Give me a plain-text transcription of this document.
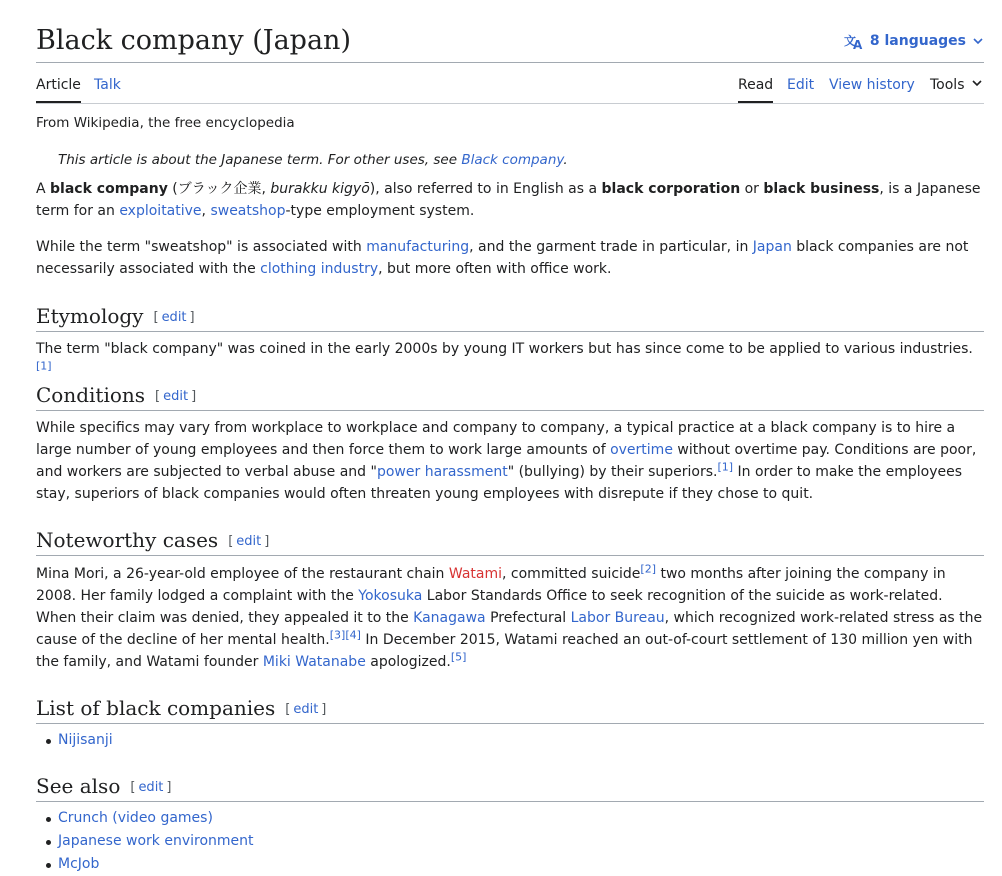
Black company (Japan)	文
A 8 languages
Article Talk	Read Edit View history Tools
From Wikipedia, the free encyclopedia
This article is about the Japanese term. For other uses, see Black company.

A black company (ブラック企業, burakku kigyō), also referred to in English as a black corporation or black business, is a Japanese term for an exploitative, sweatshop-type employment system.

While the term "sweatshop" is associated with manufacturing, and the garment trade in particular, in Japan black companies are not necessarily associated with the clothing industry, but more often with office work.

Etymology [ edit ]

The term "black company" was coined in the early 2000s by young IT workers but has since come to be applied to various industries.[1]

Conditions [ edit ]

While specifics may vary from workplace to workplace and company to company, a typical practice at a black company is to hire a large number of young employees and then force them to work large amounts of overtime without overtime pay. Conditions are poor, and workers are subjected to verbal abuse and "power harassment" (bullying) by their superiors.[1] In order to make the employees stay, superiors of black companies would often threaten young employees with disrepute if they chose to quit.

Noteworthy cases [ edit ]

Mina Mori, a 26-year-old employee of the restaurant chain Watami, committed suicide[2] two months after joining the company in 2008. Her family lodged a complaint with the Yokosuka Labor Standards Office to seek recognition of the suicide as work-related. When their claim was denied, they appealed it to the Kanagawa Prefectural Labor Bureau, which recognized work-related stress as the cause of the decline of her mental health.[3][4] In December 2015, Watami reached an out-of-court settlement of 130 million yen with the family, and Watami founder Miki Watanabe apologized.[5]

List of black companies [ edit ]
Nijisanji
See also [ edit ]
Crunch (video games)
Japanese work environment
McJob
